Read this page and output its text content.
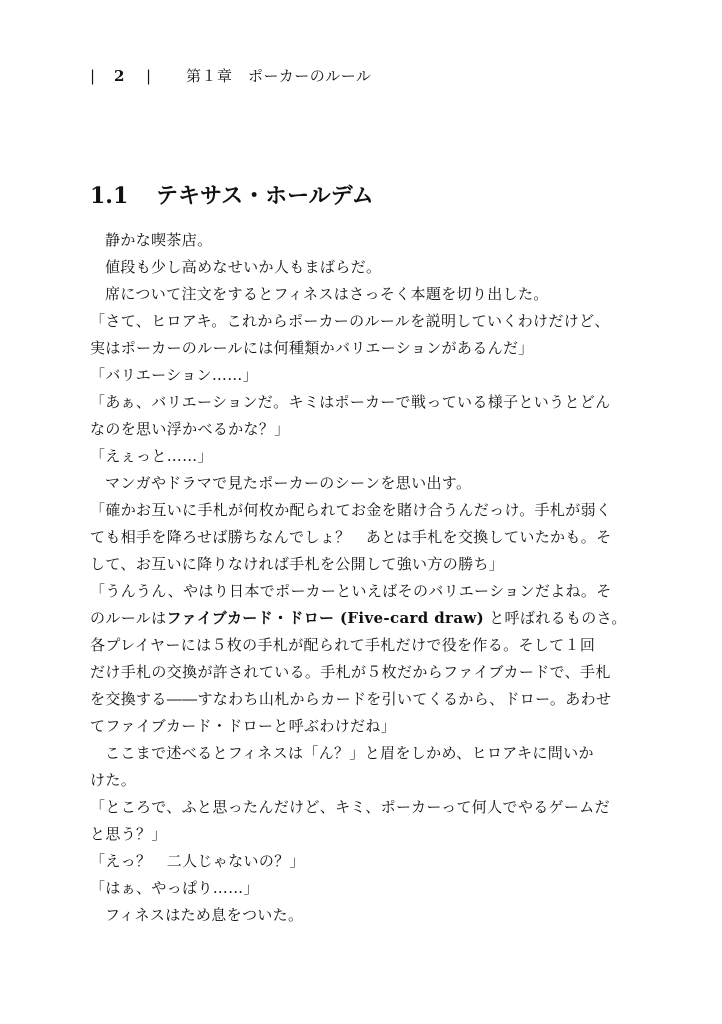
| 2 | 第１章　ポーカーのルール
1.1 テキサス・ホールデム
静かな喫茶店。
値段も少し高めなせいか人もまばらだ。
席について注文をするとフィネスはさっそく本題を切り出した。
「さて、ヒロアキ。これからポーカーのルールを説明していくわけだけど、
実はポーカーのルールには何種類かバリエーションがあるんだ」
「バリエーション……」
「あぁ、バリエーションだ。キミはポーカーで戦っている様子というとどん
なのを思い浮かべるかな？」
「えぇっと……」
マンガやドラマで見たポーカーのシーンを思い出す。
「確かお互いに手札が何枚か配られてお金を賭け合うんだっけ。手札が弱く
ても相手を降ろせば勝ちなんでしょ？　あとは手札を交換していたかも。そ
して、お互いに降りなければ手札を公開して強い方の勝ち」
「うんうん、やはり日本でポーカーといえばそのバリエーションだよね。そ
のルールはファイブカード・ドロー (Five-card draw) と呼ばれるものさ。
各プレイヤーには５枚の手札が配られて手札だけで役を作る。そして１回
だけ手札の交換が許されている。手札が５枚だからファイブカードで、手札
を交換する――すなわち山札からカードを引いてくるから、ドロー。あわせ
てファイブカード・ドローと呼ぶわけだね」
ここまで述べるとフィネスは「ん？」と眉をしかめ、ヒロアキに問いか
けた。
「ところで、ふと思ったんだけど、キミ、ポーカーって何人でやるゲームだ
と思う？」
「えっ？　二人じゃないの？」
「はぁ、やっぱり……」
フィネスはため息をついた。
